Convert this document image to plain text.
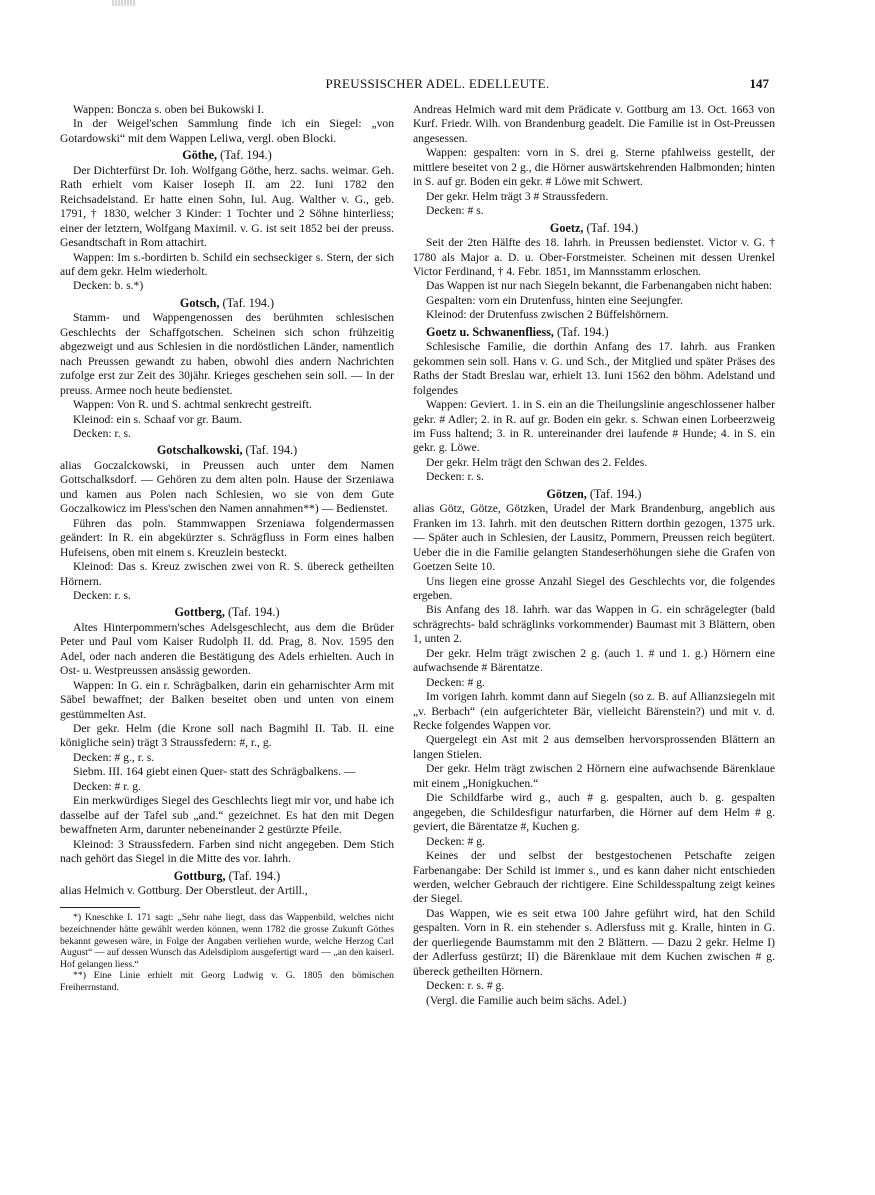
PREUSSISCHER ADEL. EDELLEUTE.	147

Wappen: Boncza s. oben bei Bukowski I.

In der Weigel'schen Sammlung finde ich ein Siegel: „von Gotardowski“ mit dem Wappen Leliwa, vergl. oben Blocki.

Göthe, (Taf. 194.)

Der Dichterfürst Dr. Ioh. Wolfgang Göthe, herz. sachs. weimar. Geh. Rath erhielt vom Kaiser Ioseph II. am 22. Iuni 1782 den Reichsadelstand. Er hatte einen Sohn, Iul. Aug. Walther v. G., geb. 1791, † 1830, welcher 3 Kinder: 1 Tochter und 2 Söhne hinterliess; einer der letztern, Wolfgang Maximil. v. G. ist seit 1852 bei der preuss. Gesandtschaft in Rom attachirt.

Wappen: Im s.-bordirten b. Schild ein sechseckiger s. Stern, der sich auf dem gekr. Helm wiederholt.

Decken: b. s.*)

Gotsch, (Taf. 194.)

Stamm- und Wappengenossen des berühmten schlesischen Geschlechts der Schaffgotschen. Scheinen sich schon frühzeitig abgezweigt und aus Schlesien in die nordöstlichen Länder, namentlich nach Preussen gewandt zu haben, obwohl dies andern Nachrichten zufolge erst zur Zeit des 30jähr. Krieges geschehen sein soll. — In der preuss. Armee noch heute bedienstet.

Wappen: Von R. und S. achtmal senkrecht gestreift.

Kleinod: ein s. Schaaf vor gr. Baum.

Decken: r. s.

Gotschalkowski, (Taf. 194.)

alias Goczalckowski, in Preussen auch unter dem Namen Gottschalksdorf. — Gehören zu dem alten poln. Hause der Srzeniawa und kamen aus Polen nach Schlesien, wo sie von dem Gute Goczalkowicz im Pless'schen den Namen annahmen**) — Bedienstet.

Führen das poln. Stammwappen Srzeniawa folgendermassen geändert: In R. ein abgekürzter s. Schrägfluss in Form eines halben Hufeisens, oben mit einem s. Kreuzlein besteckt.

Kleinod: Das s. Kreuz zwischen zwei von R. S. übereck getheilten Hörnern.

Decken: r. s.

Gottberg, (Taf. 194.)

Altes Hinterpommern'sches Adelsgeschlecht, aus dem die Brüder Peter und Paul vom Kaiser Rudolph II. dd. Prag, 8. Nov. 1595 den Adel, oder nach anderen die Bestätigung des Adels erhielten. Auch in Ost- u. Westpreussen ansässig geworden.

Wappen: In G. ein r. Schrägbalken, darin ein geharnischter Arm mit Säbel bewaffnet; der Balken beseitet oben und unten von einem gestümmelten Ast.

Der gekr. Helm (die Krone soll nach Bagmihl II. Tab. II. eine königliche sein) trägt 3 Straussfedern: #, r., g.

Decken: # g., r. s.

Siebm. III. 164 giebt einen Quer- statt des Schrägbalkens. —

Decken: # r. g.

Ein merkwürdiges Siegel des Geschlechts liegt mir vor, und habe ich dasselbe auf der Tafel sub „and.“ gezeichnet. Es hat den mit Degen bewaffneten Arm, darunter nebeneinander 2 gestürzte Pfeile.

Kleinod: 3 Straussfedern. Farben sind nicht angegeben. Dem Stich nach gehört das Siegel in die Mitte des vor. Iahrh.

Gottburg, (Taf. 194.)

alias Helmich v. Gottburg. Der Oberstleut. der Artill.,

*) Kneschke I. 171 sagt: „Sehr nahe liegt, dass das Wappenbild, welches nicht bezeichnender hätte gewählt werden können, wenn 1782 die grosse Zukunft Göthes bekannt gewesen wäre, in Folge der Angaben verliehen wurde, welche Herzog Carl August“ — auf dessen Wunsch das Adelsdiplom ausgefertigt ward — „an den kaiserl. Hof gelangen liess.“

**) Eine Linie erhielt mit Georg Ludwig v. G. 1805 den bömischen Freiherrnstand.

Andreas Helmich ward mit dem Prädicate v. Gottburg am 13. Oct. 1663 von Kurf. Friedr. Wilh. von Brandenburg geadelt. Die Familie ist in Ost-Preussen angesessen.

Wappen: gespalten: vorn in S. drei g. Sterne pfahlweiss gestellt, der mittlere beseitet von 2 g., die Hörner auswärtskehrenden Halbmonden; hinten in S. auf gr. Boden ein gekr. # Löwe mit Schwert.

Der gekr. Helm trägt 3 # Straussfedern.

Decken: # s.

Goetz, (Taf. 194.)

Seit der 2ten Hälfte des 18. Iahrh. in Preussen bedienstet. Victor v. G. † 1780 als Major a. D. u. Ober-Forstmeister. Scheinen mit dessen Urenkel Victor Ferdinand, † 4. Febr. 1851, im Mannsstamm erloschen.

Das Wappen ist nur nach Siegeln bekannt, die Farbenangaben nicht haben:

Gespalten: vorn ein Drutenfuss, hinten eine Seejungfer.

Kleinod: der Drutenfuss zwischen 2 Büffelshörnern.

Goetz u. Schwanenfliess, (Taf. 194.)

Schlesische Familie, die dorthin Anfang des 17. Iahrh. aus Franken gekommen sein soll. Hans v. G. und Sch., der Mitglied und später Präses des Raths der Stadt Breslau war, erhielt 13. Iuni 1562 den böhm. Adelstand und folgendes

Wappen: Geviert. 1. in S. ein an die Theilungslinie angeschlossener halber gekr. # Adler; 2. in R. auf gr. Boden ein gekr. s. Schwan einen Lorbeerzweig im Fuss haltend; 3. in R. untereinander drei laufende # Hunde; 4. in S. ein gekr. g. Löwe.

Der gekr. Helm trägt den Schwan des 2. Feldes.

Decken: r. s.

Götzen, (Taf. 194.)

alias Götz, Götze, Götzken, Uradel der Mark Brandenburg, angeblich aus Franken im 13. Iahrh. mit den deutschen Rittern dorthin gezogen, 1375 urk. — Später auch in Schlesien, der Lausitz, Pommern, Preussen reich begütert. Ueber die in die Familie gelangten Standeserhöhungen siehe die Grafen von Goetzen Seite 10.

Uns liegen eine grosse Anzahl Siegel des Geschlechts vor, die folgendes ergeben.

Bis Anfang des 18. Iahrh. war das Wappen in G. ein schrägelegter (bald schrägrechts- bald schräglinks vorkommender) Baumast mit 3 Blättern, oben 1, unten 2.

Der gekr. Helm trägt zwischen 2 g. (auch 1. # und 1. g.) Hörnern eine aufwachsende # Bärentatze.

Decken: # g.

Im vorigen Iahrh. kommt dann auf Siegeln (so z. B. auf Allianzsiegeln mit „v. Berbach“ (ein aufgerichteter Bär, vielleicht Bärenstein?) und mit v. d. Recke folgendes Wappen vor.

Quergelegt ein Ast mit 2 aus demselben hervorsprossenden Blättern an langen Stielen.

Der gekr. Helm trägt zwischen 2 Hörnern eine aufwachsende Bärenklaue mit einem „Honigkuchen.“

Die Schildfarbe wird g., auch # g. gespalten, auch b. g. gespalten angegeben, die Schildesfigur naturfarben, die Hörner auf dem Helm # g. geviert, die Bärentatze #, Kuchen g.

Decken: # g.

Keines der und selbst der bestgestochenen Petschafte zeigen Farbenangabe: Der Schild ist immer s., und es kann daher nicht entschieden werden, welcher Gebrauch der richtigere. Eine Schildesspaltung zeigt keines der Siegel.

Das Wappen, wie es seit etwa 100 Jahre geführt wird, hat den Schild gespalten. Vorn in R. ein stehender s. Adlersfuss mit g. Kralle, hinten in G. der querliegende Baumstamm mit den 2 Blättern. — Dazu 2 gekr. Helme I) der Adlerfuss gestürzt; II) die Bärenklaue mit dem Kuchen zwischen # g. übereck getheilten Hörnern.

Decken: r. s. # g.

(Vergl. die Familie auch beim sächs. Adel.)
